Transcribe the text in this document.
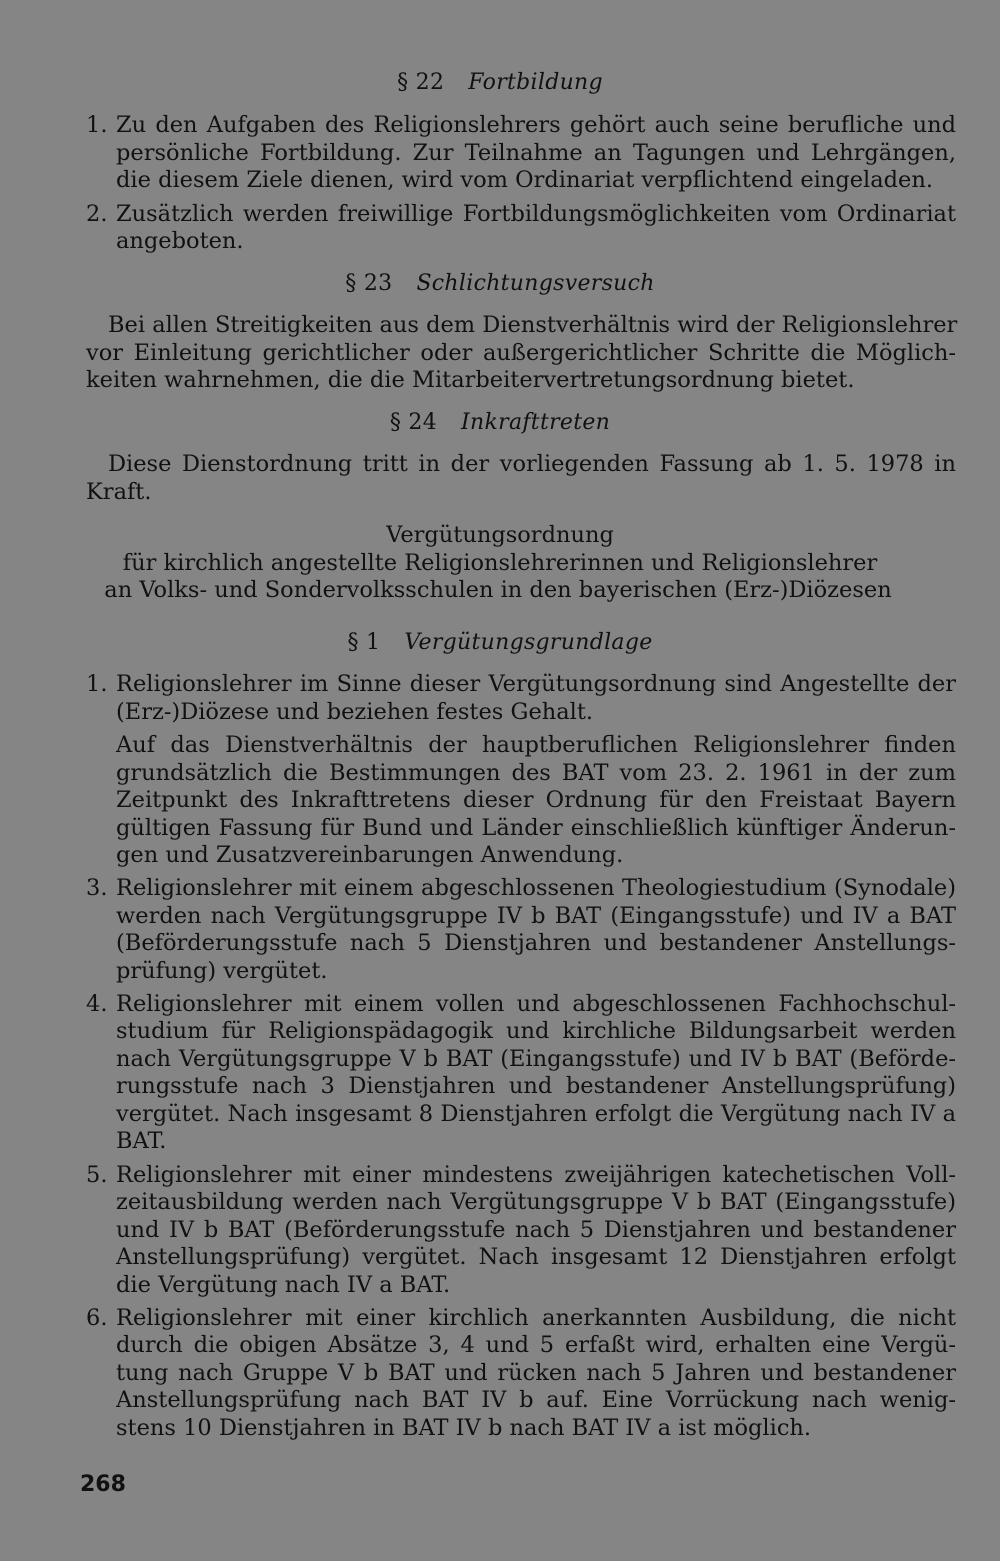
§ 22 Fortbildung
1. Zu den Aufgaben des Religionslehrers gehört auch seine berufliche und
persönliche Fortbildung. Zur Teilnahme an Tagungen und Lehrgängen,
die diesem Ziele dienen, wird vom Ordinariat verpflichtend eingeladen.
2. Zusätzlich werden freiwillige Fortbildungsmöglichkeiten vom Ordinariat
angeboten.
§ 23 Schlichtungsversuch
Bei allen Streitigkeiten aus dem Dienstverhältnis wird der Religionslehrer
vor Einleitung gerichtlicher oder außergerichtlicher Schritte die Möglich-
keiten wahrnehmen, die die Mitarbeitervertretungsordnung bietet.
§ 24 Inkrafttreten
Diese Dienstordnung tritt in der vorliegenden Fassung ab 1. 5. 1978 in
Kraft.
Vergütungsordnung
für kirchlich angestellte Religionslehrerinnen und Religionslehrer
an Volks- und Sondervolksschulen in den bayerischen (Erz-)Diözesen
§ 1 Vergütungsgrundlage
1. Religionslehrer im Sinne dieser Vergütungsordnung sind Angestellte der
(Erz-)Diözese und beziehen festes Gehalt.
Auf das Dienstverhältnis der hauptberuflichen Religionslehrer finden
grundsätzlich die Bestimmungen des BAT vom 23. 2. 1961 in der zum
Zeitpunkt des Inkrafttretens dieser Ordnung für den Freistaat Bayern
gültigen Fassung für Bund und Länder einschließlich künftiger Änderun-
gen und Zusatzvereinbarungen Anwendung.
3. Religionslehrer mit einem abgeschlossenen Theologiestudium (Synodale)
werden nach Vergütungsgruppe IV b BAT (Eingangsstufe) und IV a BAT
(Beförderungsstufe nach 5 Dienstjahren und bestandener Anstellungs-
prüfung) vergütet.
4. Religionslehrer mit einem vollen und abgeschlossenen Fachhochschul-
studium für Religionspädagogik und kirchliche Bildungsarbeit werden
nach Vergütungsgruppe V b BAT (Eingangsstufe) und IV b BAT (Beförde-
rungsstufe nach 3 Dienstjahren und bestandener Anstellungsprüfung)
vergütet. Nach insgesamt 8 Dienstjahren erfolgt die Vergütung nach IV a
BAT.
5. Religionslehrer mit einer mindestens zweijährigen katechetischen Voll-
zeitausbildung werden nach Vergütungsgruppe V b BAT (Eingangsstufe)
und IV b BAT (Beförderungsstufe nach 5 Dienstjahren und bestandener
Anstellungsprüfung) vergütet. Nach insgesamt 12 Dienstjahren erfolgt
die Vergütung nach IV a BAT.
6. Religionslehrer mit einer kirchlich anerkannten Ausbildung, die nicht
durch die obigen Absätze 3, 4 und 5 erfaßt wird, erhalten eine Vergü-
tung nach Gruppe V b BAT und rücken nach 5 Jahren und bestandener
Anstellungsprüfung nach BAT IV b auf. Eine Vorrückung nach wenig-
stens 10 Dienstjahren in BAT IV b nach BAT IV a ist möglich.
268
